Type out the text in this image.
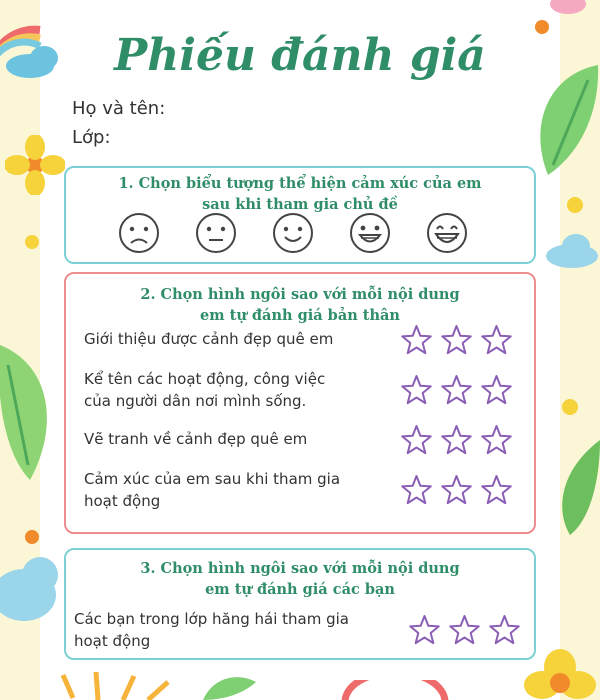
Phiếu đánh giá
Họ và tên:
Lớp:
1. Chọn biểu tượng thể hiện cảm xúc của em
sau khi tham gia chủ đề
2. Chọn hình ngôi sao với mỗi nội dung
em tự đánh giá bản thân
Giới thiệu được cảnh đẹp quê em
Kể tên các hoạt động, công việc
của người dân nơi mình sống.
Vẽ tranh về cảnh đẹp quê em
Cảm xúc của em sau khi tham gia
hoạt động
3. Chọn hình ngôi sao với mỗi nội dung
em tự đánh giá các bạn
Các bạn trong lớp hăng hái tham gia
hoạt động
